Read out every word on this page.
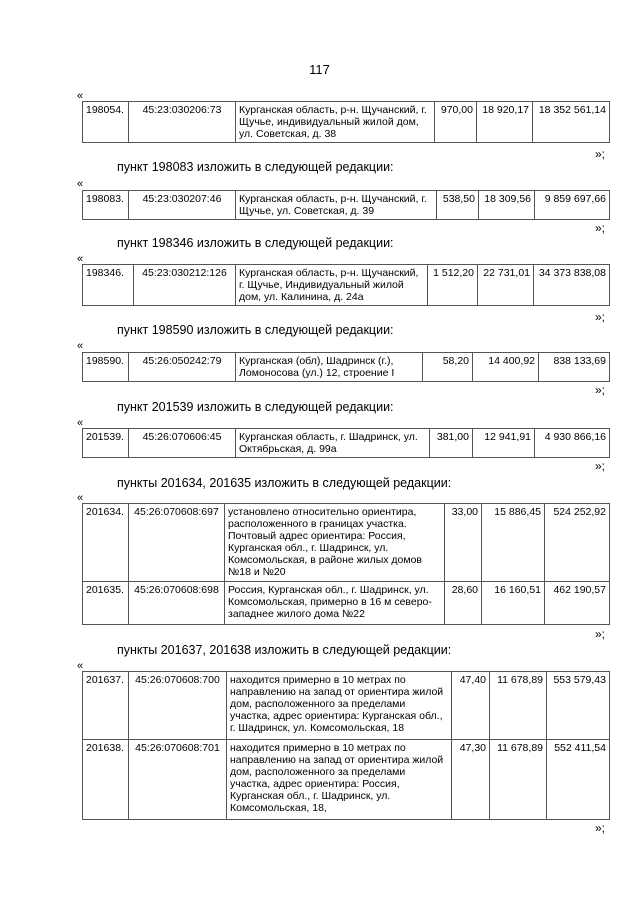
117
«
198054.	45:23:030206:73	Курганская область, р-н. Щучанский, г. Щучье, индивидуальный жилой дом, ул. Советская, д. 38	970,00	18 920,17	18 352 561,14
»;
пункт 198083 изложить в следующей редакции:
«
198083.	45:23:030207:46	Курганская область, р-н. Щучанский, г. Щучье, ул. Советская, д. 39	538,50	18 309,56	9 859 697,66
»;
пункт 198346 изложить в следующей редакции:
«
198346.	45:23:030212:126	Курганская область, р-н. Щучанский, г. Щучье, Индивидуальный жилой дом, ул. Калинина, д. 24а	1 512,20	22 731,01	34 373 838,08
»;
пункт 198590 изложить в следующей редакции:
«
198590.	45:26:050242:79	Курганская (обл), Шадринск (г.), Ломоносова (ул.) 12, строение I	58,20	14 400,92	838 133,69
»;
пункт 201539 изложить в следующей редакции:
«
201539.	45:26:070606:45	Курганская область, г. Шадринск, ул. Октябрьская, д. 99а	381,00	12 941,91	4 930 866,16
»;
пункты 201634, 201635 изложить в следующей редакции:
«
201634.	45:26:070608:697	установлено относительно ориентира, расположенного в границах участка. Почтовый адрес ориентира: Россия, Курганская обл., г. Шадринск, ул. Комсомольская, в районе жилых домов №18 и №20	33,00	15 886,45	524 252,92
201635.	45:26:070608:698	Россия, Курганская обл., г. Шадринск, ул. Комсомольская, примерно в 16 м северо-западнее жилого дома №22	28,60	16 160,51	462 190,57
»;
пункты 201637, 201638 изложить в следующей редакции:
«
201637.	45:26:070608:700	находится примерно в 10 метрах по направлению на запад от ориентира жилой дом, расположенного за пределами участка, адрес ориентира: Курганская обл., г. Шадринск, ул. Комсомольская, 18	47,40	11 678,89	553 579,43
201638.	45:26:070608:701	находится примерно в 10 метрах по направлению на запад от ориентира жилой дом, расположенного за пределами участка, адрес ориентира: Россия, Курганская обл., г. Шадринск, ул. Комсомольская, 18,	47,30	11 678,89	552 411,54
»;
